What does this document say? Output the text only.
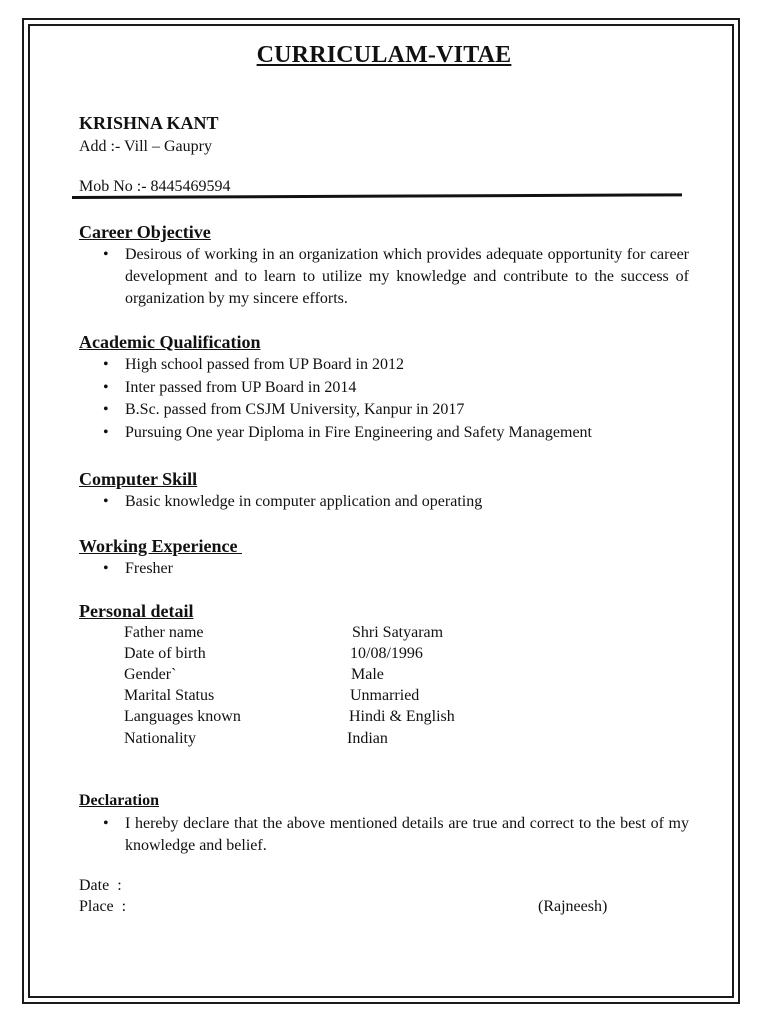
CURRICULAM-VITAE
KRISHNA KANT
Add :- Vill – Gaupry
Mob No :- 8445469594
Career Objective
• Desirous of working in an organization which provides adequate opportunity for career development and to learn to utilize my knowledge and contribute to the success of organization by my sincere efforts.
Academic Qualification
• High school passed from UP Board in 2012
• Inter passed from UP Board in 2014
• B.Sc. passed from CSJM University, Kanpur in 2017
• Pursuing One year Diploma in Fire Engineering and Safety Management
Computer Skill
• Basic knowledge in computer application and operating
Working Experience
• Fresher
Personal detail
Father name	Shri Satyaram
Date of birth	10/08/1996
Gender`	Male
Marital Status	Unmarried
Languages known	Hindi & English
Nationality	Indian
Declaration
• I hereby declare that the above mentioned details are true and correct to the best of my knowledge and belief.
Date  :
Place  :	(Rajneesh)
